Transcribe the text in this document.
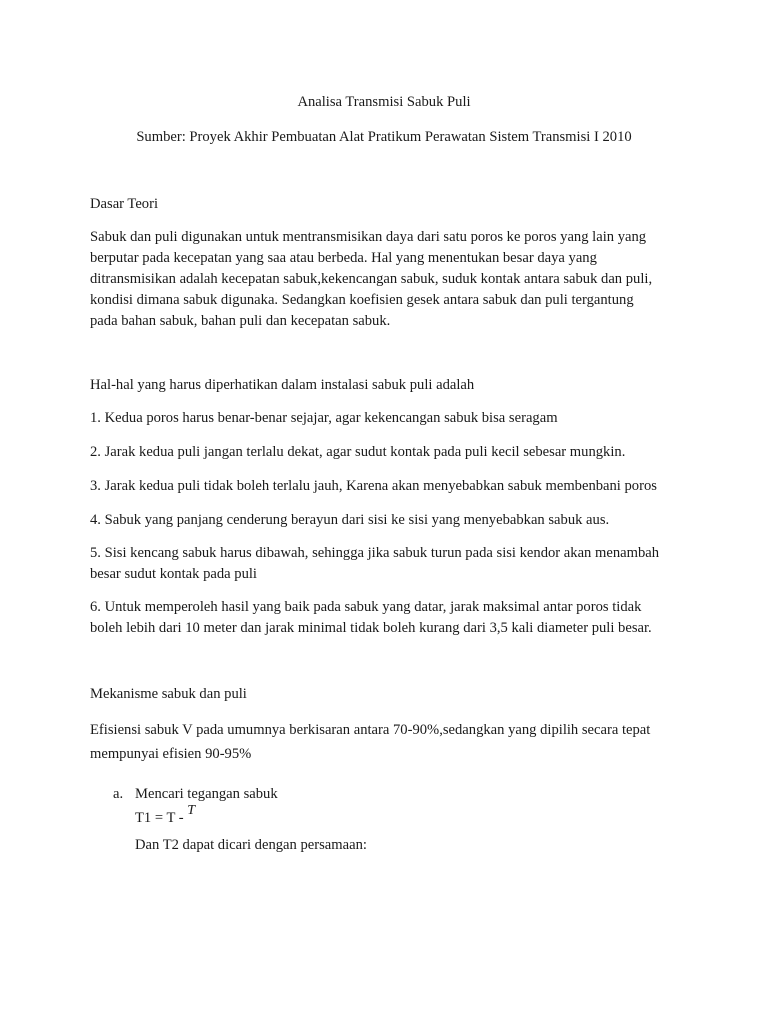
Analisa Transmisi Sabuk Puli
Sumber: Proyek Akhir Pembuatan Alat Pratikum Perawatan Sistem Transmisi I 2010
Dasar Teori

Sabuk dan puli digunakan untuk mentransmisikan daya dari satu poros ke poros yang lain yang

berputar pada kecepatan yang saa atau berbeda. Hal yang menentukan besar daya yang

ditransmisikan adalah kecepatan sabuk,kekencangan sabuk, suduk kontak antara sabuk dan puli,

kondisi dimana sabuk digunaka. Sedangkan koefisien gesek antara sabuk dan puli tergantung

pada bahan sabuk, bahan puli dan kecepatan sabuk.

Hal-hal yang harus diperhatikan dalam instalasi sabuk puli adalah
1. Kedua poros harus benar-benar sejajar, agar kekencangan sabuk bisa seragam
2. Jarak kedua puli jangan terlalu dekat, agar sudut kontak pada puli kecil sebesar mungkin.
3. Jarak kedua puli tidak boleh terlalu jauh, Karena akan menyebabkan sabuk membenbani poros
4. Sabuk yang panjang cenderung berayun dari sisi ke sisi yang menyebabkan sabuk aus.

5. Sisi kencang sabuk harus dibawah, sehingga jika sabuk turun pada sisi kendor akan menambah

besar sudut kontak pada puli

6. Untuk memperoleh hasil yang baik pada sabuk yang datar, jarak maksimal antar poros tidak

boleh lebih dari 10 meter dan jarak minimal tidak boleh kurang dari 3,5 kali diameter puli besar.

Mekanisme sabuk dan puli

Efisiensi sabuk V pada umumnya berkisaran antara 70-90%,sedangkan yang dipilih secara tepat

mempunyai efisien 90-95%

a. Mencari tegangan sabuk
T1 = T - T
Dan T2 dapat dicari dengan persamaan:
